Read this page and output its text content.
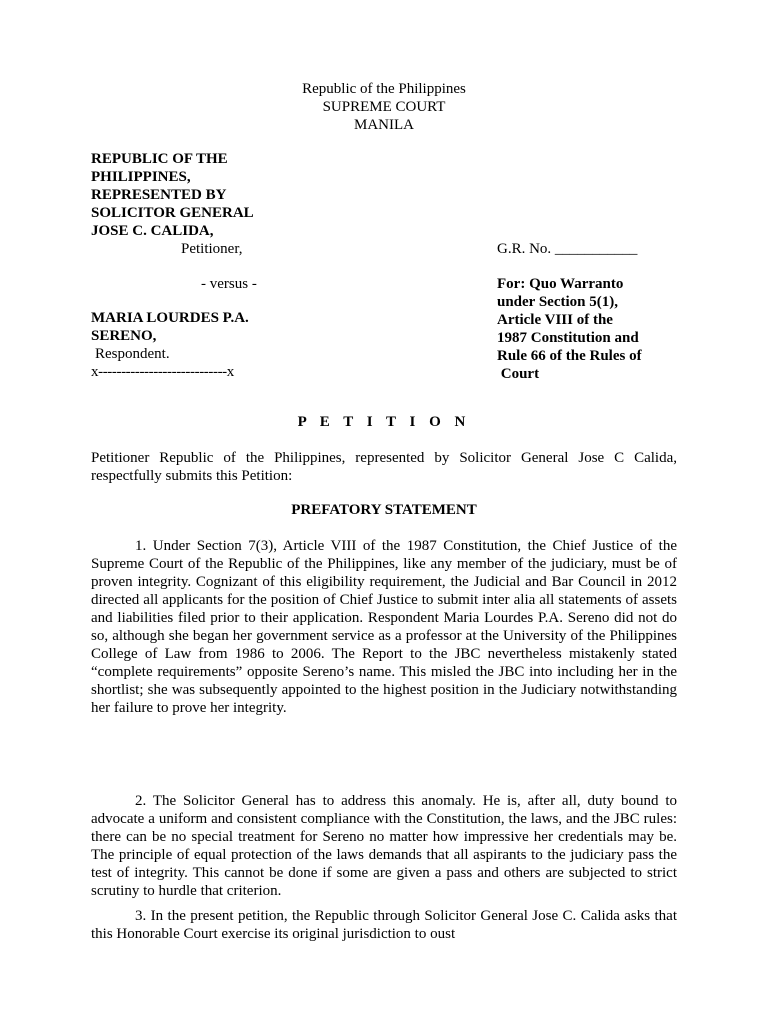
Republic of the Philippines
SUPREME COURT
MANILA
REPUBLIC OF THE
PHILIPPINES,
REPRESENTED BY
SOLICITOR GENERAL
JOSE C. CALIDA,
Petitioner,
- versus -
MARIA LOURDES P.A.
SERENO,
Respondent.
x----------------------------x
G.R. No. ___________
For: Quo Warranto
under Section 5(1),
Article VIII of the
1987 Constitution and
Rule 66 of the Rules of
Court
P E T I T I O N

Petitioner Republic of the Philippines, represented by Solicitor General Jose C Calida, respectfully submits this Petition:

PREFATORY STATEMENT

1. Under Section 7(3), Article VIII of the 1987 Constitution, the Chief Justice of the Supreme Court of the Republic of the Philippines, like any member of the judiciary, must be of proven integrity. Cognizant of this eligibility requirement, the Judicial and Bar Council in 2012 directed all applicants for the position of Chief Justice to submit inter alia all statements of assets and liabilities filed prior to their application. Respondent Maria Lourdes P.A. Sereno did not do so, although she began her government service as a professor at the University of the Philippines College of Law from 1986 to 2006. The Report to the JBC nevertheless mistakenly stated “complete requirements” opposite Sereno’s name. This misled the JBC into including her in the shortlist; she was subsequently appointed to the highest position in the Judiciary notwithstanding her failure to prove her integrity.

2. The Solicitor General has to address this anomaly. He is, after all, duty bound to advocate a uniform and consistent compliance with the Constitution, the laws, and the JBC rules: there can be no special treatment for Sereno no matter how impressive her credentials may be. The principle of equal protection of the laws demands that all aspirants to the judiciary pass the test of integrity. This cannot be done if some are given a pass and others are subjected to strict scrutiny to hurdle that criterion.

3. In the present petition, the Republic through Solicitor General Jose C. Calida asks that this Honorable Court exercise its original jurisdiction to oust
